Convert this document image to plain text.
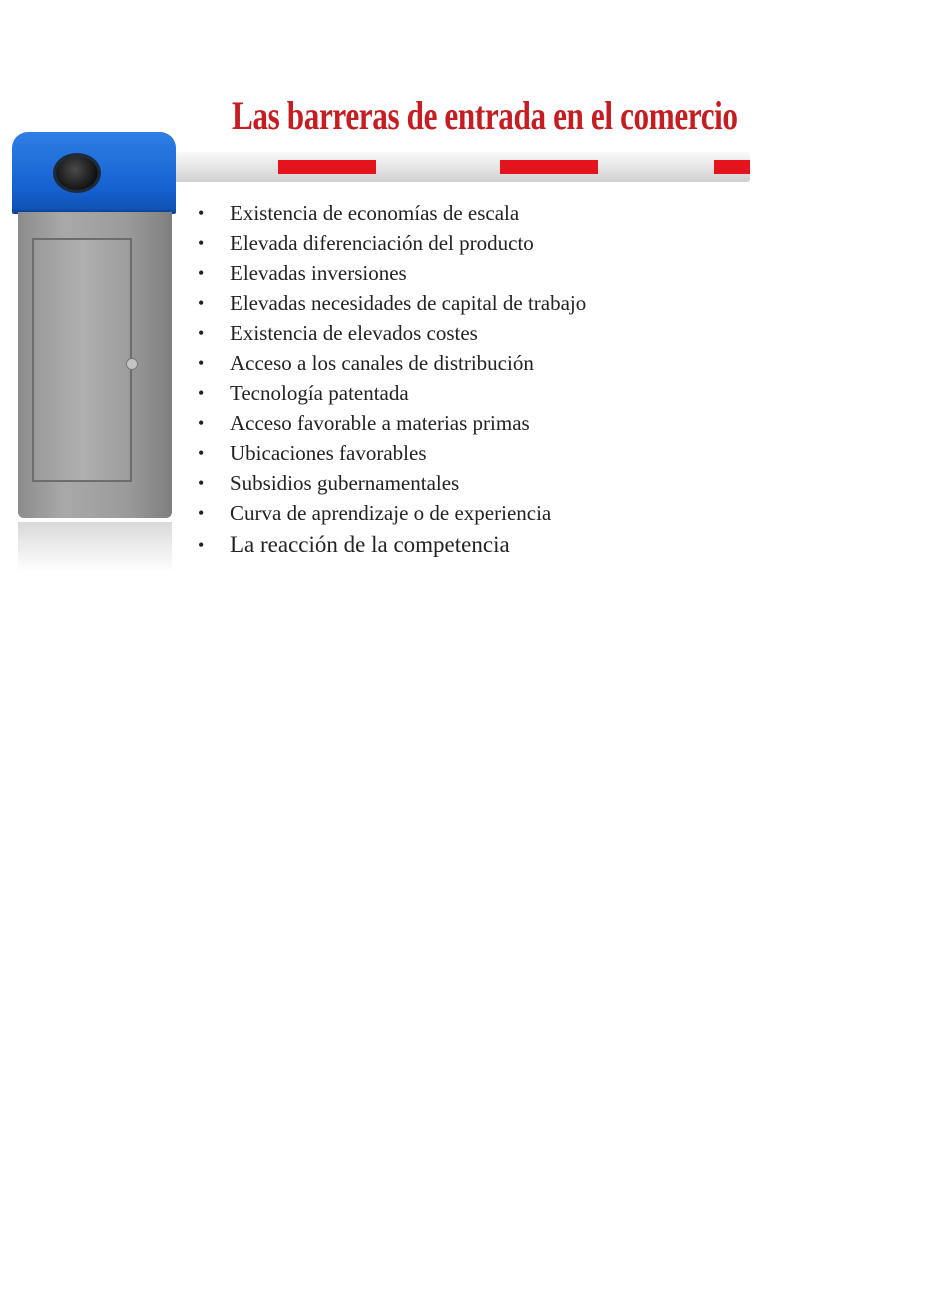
Las barreras de entrada en el comercio
• Existencia de economías de escala
• Elevada diferenciación del producto
• Elevadas inversiones
• Elevadas necesidades de capital de trabajo
• Existencia de elevados costes
• Acceso a los canales de distribución
• Tecnología patentada
• Acceso favorable a materias primas
• Ubicaciones favorables
• Subsidios gubernamentales
• Curva de aprendizaje o de experiencia
• La reacción de la competencia
